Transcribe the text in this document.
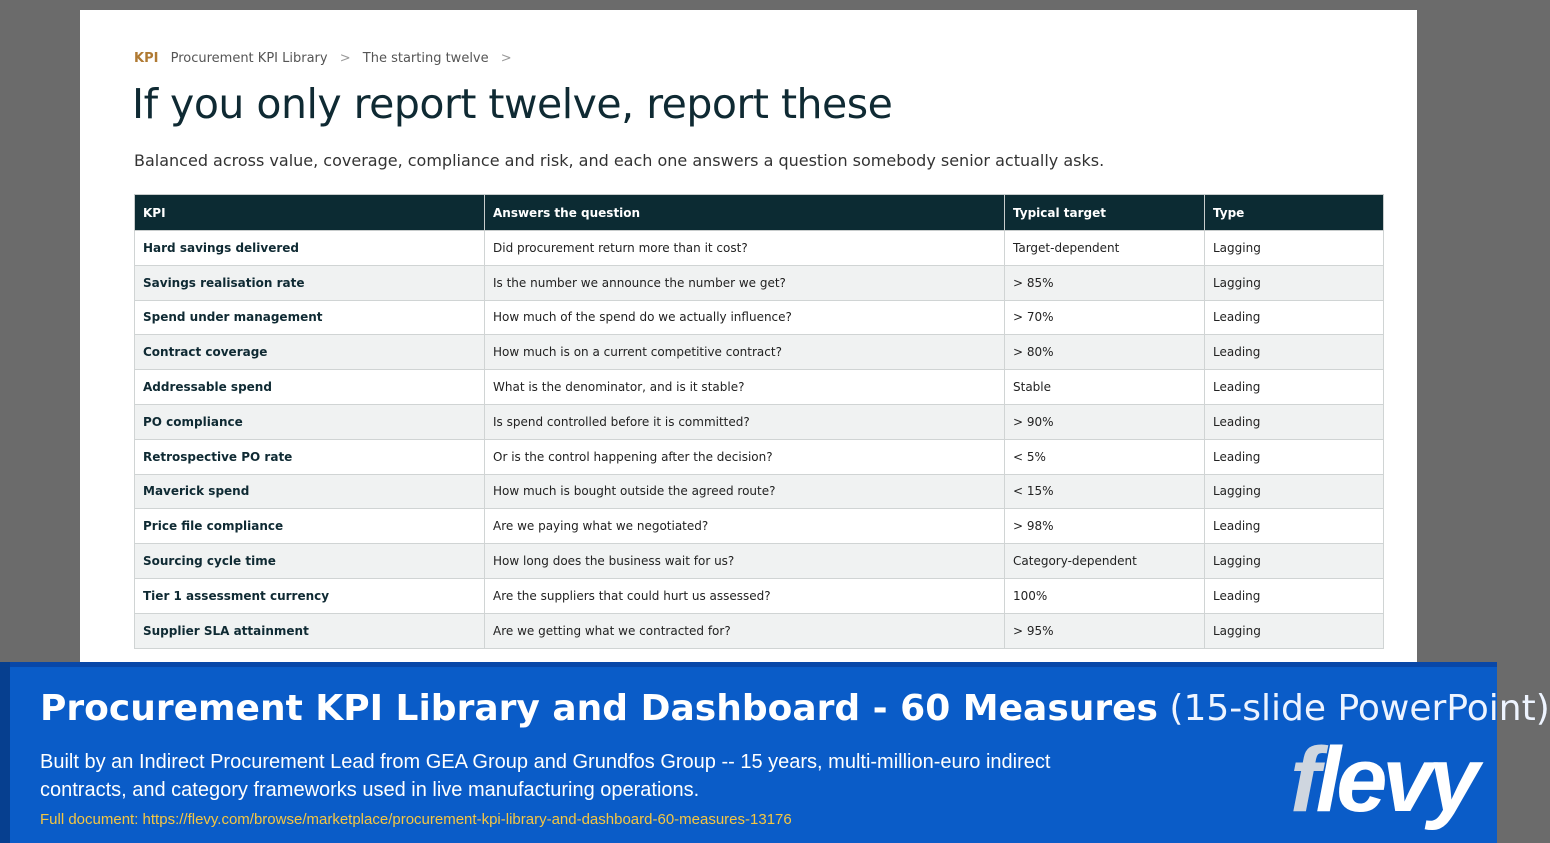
KPI Procurement KPI Library > The starting twelve >
If you only report twelve, report these

Balanced across value, coverage, compliance and risk, and each one answers a question somebody senior actually asks.

KPI	Answers the question	Typical target	Type
Hard savings delivered	Did procurement return more than it cost?	Target-dependent	Lagging
Savings realisation rate	Is the number we announce the number we get?	> 85%	Lagging
Spend under management	How much of the spend do we actually influence?	> 70%	Leading
Contract coverage	How much is on a current competitive contract?	> 80%	Leading
Addressable spend	What is the denominator, and is it stable?	Stable	Leading
PO compliance	Is spend controlled before it is committed?	> 90%	Leading
Retrospective PO rate	Or is the control happening after the decision?	< 5%	Leading
Maverick spend	How much is bought outside the agreed route?	< 15%	Lagging
Price file compliance	Are we paying what we negotiated?	> 98%	Leading
Sourcing cycle time	How long does the business wait for us?	Category-dependent	Lagging
Tier 1 assessment currency	Are the suppliers that could hurt us assessed?	100%	Leading
Supplier SLA attainment	Are we getting what we contracted for?	> 95%	Lagging
Procurement KPI Library and Dashboard - 60 Measures (15-slide PowerPoint)
Built by an Indirect Procurement Lead from GEA Group and Grundfos Group -- 15 years, multi-million-euro indirect contracts, and category frameworks used in live manufacturing operations.
Full document: https://flevy.com/browse/marketplace/procurement-kpi-library-and-dashboard-60-measures-13176	flevy
